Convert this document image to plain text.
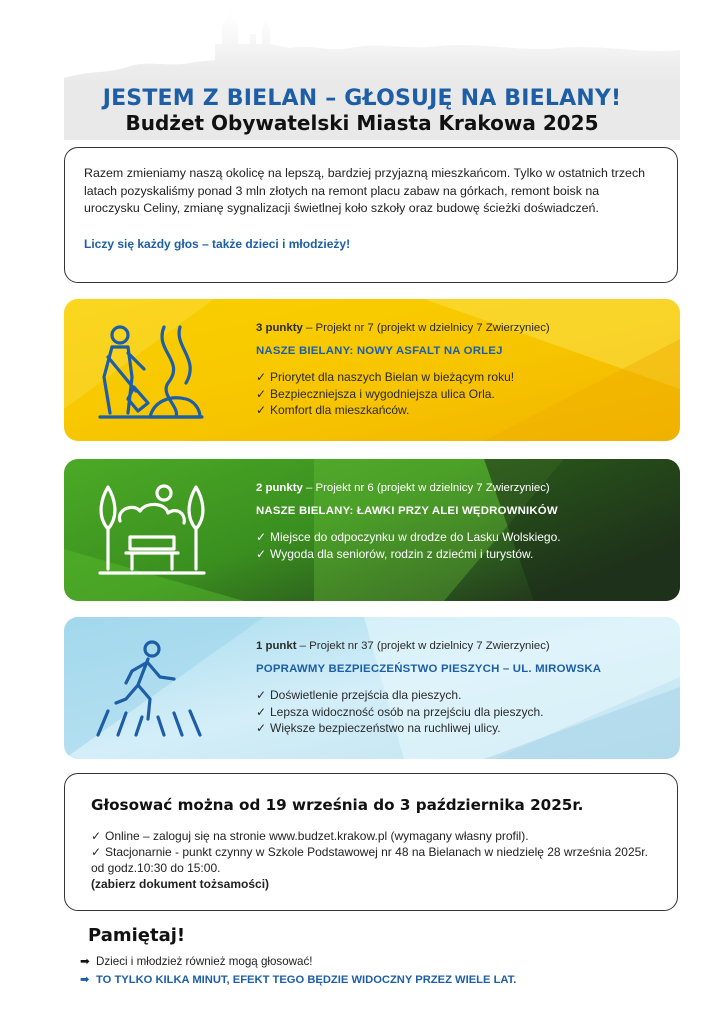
JESTEM Z BIELAN – GŁOSUJĘ NA BIELANY!
Budżet Obywatelski Miasta Krakowa 2025

Razem zmieniamy naszą okolicę na lepszą, bardziej przyjazną mieszkańcom. Tylko w ostatnich trzech latach pozyskaliśmy ponad 3 mln złotych na remont placu zabaw na górkach, remont boisk na uroczysku Celiny, zmianę sygnalizacji świetlnej koło szkoły oraz budowę ścieżki doświadczeń.

Liczy się każdy głos – także dzieci i młodzieży!

3 punkty – Projekt nr 7 (projekt w dzielnicy 7 Zwierzyniec)
NASZE BIELANY: NOWY ASFALT NA ORLEJ
✓ Priorytet dla naszych Bielan w bieżącym roku!
✓ Bezpieczniejsza i wygodniejsza ulica Orla.
✓ Komfort dla mieszkańców.
2 punkty – Projekt nr 6 (projekt w dzielnicy 7 Zwierzyniec)
NASZE BIELANY: ŁAWKI PRZY ALEI WĘDROWNIKÓW
✓ Miejsce do odpoczynku w drodze do Lasku Wolskiego.
✓ Wygoda dla seniorów, rodzin z dziećmi i turystów.
1 punkt – Projekt nr 37 (projekt w dzielnicy 7 Zwierzyniec)
POPRAWMY BEZPIECZEŃSTWO PIESZYCH – UL. MIROWSKA
✓ Doświetlenie przejścia dla pieszych.
✓ Lepsza widoczność osób na przejściu dla pieszych.
✓ Większe bezpieczeństwo na ruchliwej ulicy.
Głosować można od 19 września do 3 października 2025r.

✓ Online – zaloguj się na stronie www.budzet.krakow.pl (wymagany własny profil).

✓ Stacjonarnie - punkt czynny w Szkole Podstawowej nr 48 na Bielanach w niedzielę 28 września 2025r. od godz.10:30 do 15:00.

(zabierz dokument tożsamości)

Pamiętaj!

➡ Dzieci i młodzież również mogą głosować!

➡ TO TYLKO KILKA MINUT, EFEKT TEGO BĘDZIE WIDOCZNY PRZEZ WIELE LAT.
